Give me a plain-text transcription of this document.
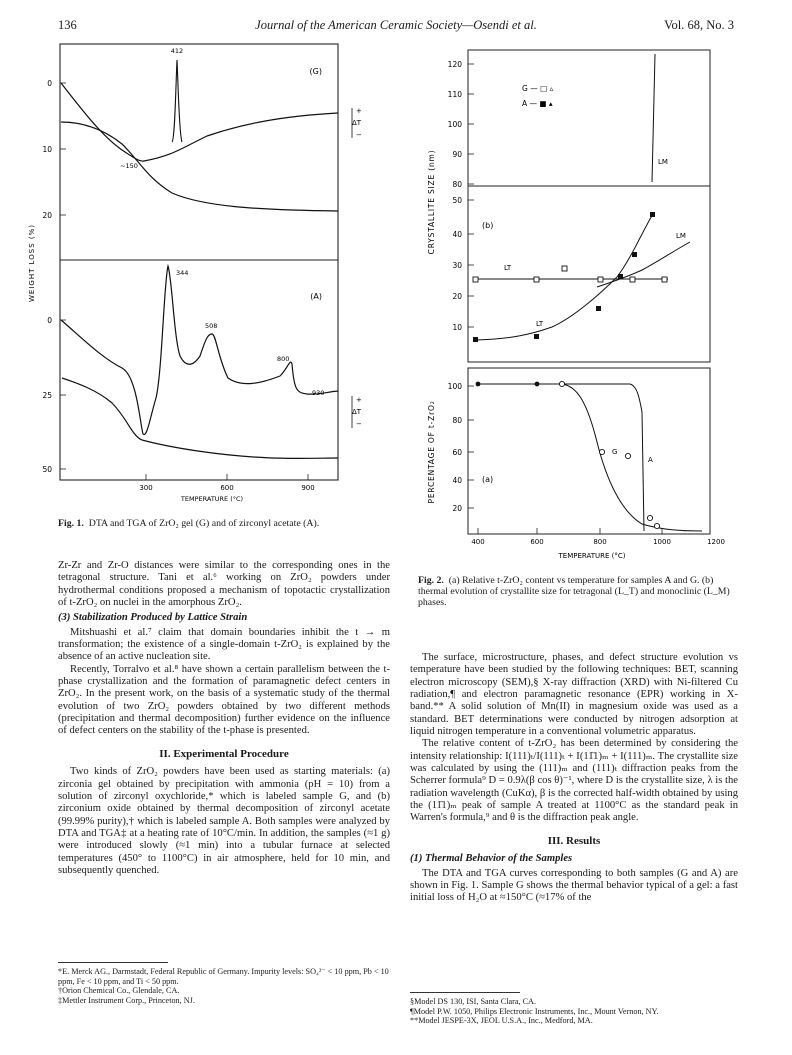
136	Journal of the American Ceramic Society—Osendi et al.	Vol. 68, No. 3
0
10
20
0
25
50
300	600	900
TEMPERATURE (°C)
WEIGHT LOSS (%)
412
~150
(G)
+
ΔT
−
344
508
800
930
(A)
+
ΔT
−
Fig. 1. DTA and TGA of ZrO₂ gel (G) and of zirconyl acetate (A).
120
110
100
90
80
50
40
30
20
10
100
80
60
40
20
400	600	800	1000	1200
TEMPERATURE (°C)
CRYSTALLITE SIZE (nm)
PERCENTAGE OF t-ZrO₂
G — □ ▵
A — ■ ▴
LM
(b)
LT
LT
LM
(a)
G
A
Fig. 2. (a) Relative t-ZrO₂ content vs temperature for samples A and G. (b) thermal evolution of crystallite size for tetragonal (L_T) and monoclinic (L_M) phases.

Zr-Zr and Zr-O distances were similar to the corresponding ones in the tetragonal structure. Tani et al.⁶ working on ZrO₂ powders under hydrothermal conditions proposed a mechanism of topotactic crystallization of t-ZrO₂ on nuclei in the amorphous ZrO₂.

(3) Stabilization Produced by Lattice Strain

Mitshuashi et al.⁷ claim that domain boundaries inhibit the t → m transformation; the existence of a single-domain t-ZrO₂ is explained by the absence of an active nucleation site.

Recently, Torralvo et al.⁸ have shown a certain parallelism between the t-phase crystallization and the formation of paramagnetic defect centers in ZrO₂. In the present work, on the basis of a systematic study of the thermal evolution of two ZrO₂ powders obtained by two different methods (precipitation and thermal decomposition) further evidence on the influence of defect centers on the stability of the t-phase is presented.

II. Experimental Procedure

Two kinds of ZrO₂ powders have been used as starting materials: (a) zirconia gel obtained by precipitation with ammonia (pH = 10) from a solution of zirconyl oxychloride,* which is labeled sample G, and (b) zirconium oxide obtained by thermal decomposition of zirconyl acetate (99.99% purity),† which is labeled sample A. Both samples were analyzed by DTA and TGA‡ at a heating rate of 10°C/min. In addition, the samples (≈1 g) were introduced slowly (≈1 min) into a tubular furnace at selected temperatures (450° to 1100°C) in air atmosphere, held for 10 min, and subsequently quenched.

*E. Merck AG., Darmstadt, Federal Republic of Germany. Impurity levels: SO₄²⁻ < 10 ppm, Pb < 10 ppm, Fe < 10 ppm, and Ti < 50 ppm.
†Orion Chemical Co., Glendale, CA.
‡Mettler Instrument Corp., Princeton, NJ.

The surface, microstructure, phases, and defect structure evolution vs temperature have been studied by the following techniques: BET, scanning electron microscopy (SEM),§ X-ray diffraction (XRD) with Ni-filtered Cu radiation,¶ and electron paramagnetic resonance (EPR) working in X-band.** A solid solution of Mn(II) in magnesium oxide was used as a standard. BET determinations were conducted by nitrogen adsorption at liquid nitrogen temperature in a conventional volumetric apparatus.

The relative content of t-ZrO₂ has been determined by considering the intensity relationship: I(111)ₜ/I(111)ₜ + I(11̄1)ₘ + I(111)ₘ. The crystallite size was calculated by using the (111)ₘ and (111)ₜ diffraction peaks from the Scherrer formula⁹ D = 0.9λ(β cos θ)⁻¹, where D is the crystallite size, λ is the radiation wavelength (CuKα), β is the corrected half-width obtained by using the (11̄1)ₘ peak of sample A treated at 1100°C as the standard peak in Warren's formula,⁹ and θ is the diffraction peak angle.

III. Results
(1) Thermal Behavior of the Samples

The DTA and TGA curves corresponding to both samples (G and A) are shown in Fig. 1. Sample G shows the thermal behavior typical of a gel: a fast initial loss of H₂O at ≈150°C (≈17% of the

§Model DS 130, ISI, Santa Clara, CA.
¶Model P.W. 1050, Philips Electronic Instruments, Inc., Mount Vernon, NY.
**Model JESPE-3X, JEOL U.S.A., Inc., Medford, MA.
